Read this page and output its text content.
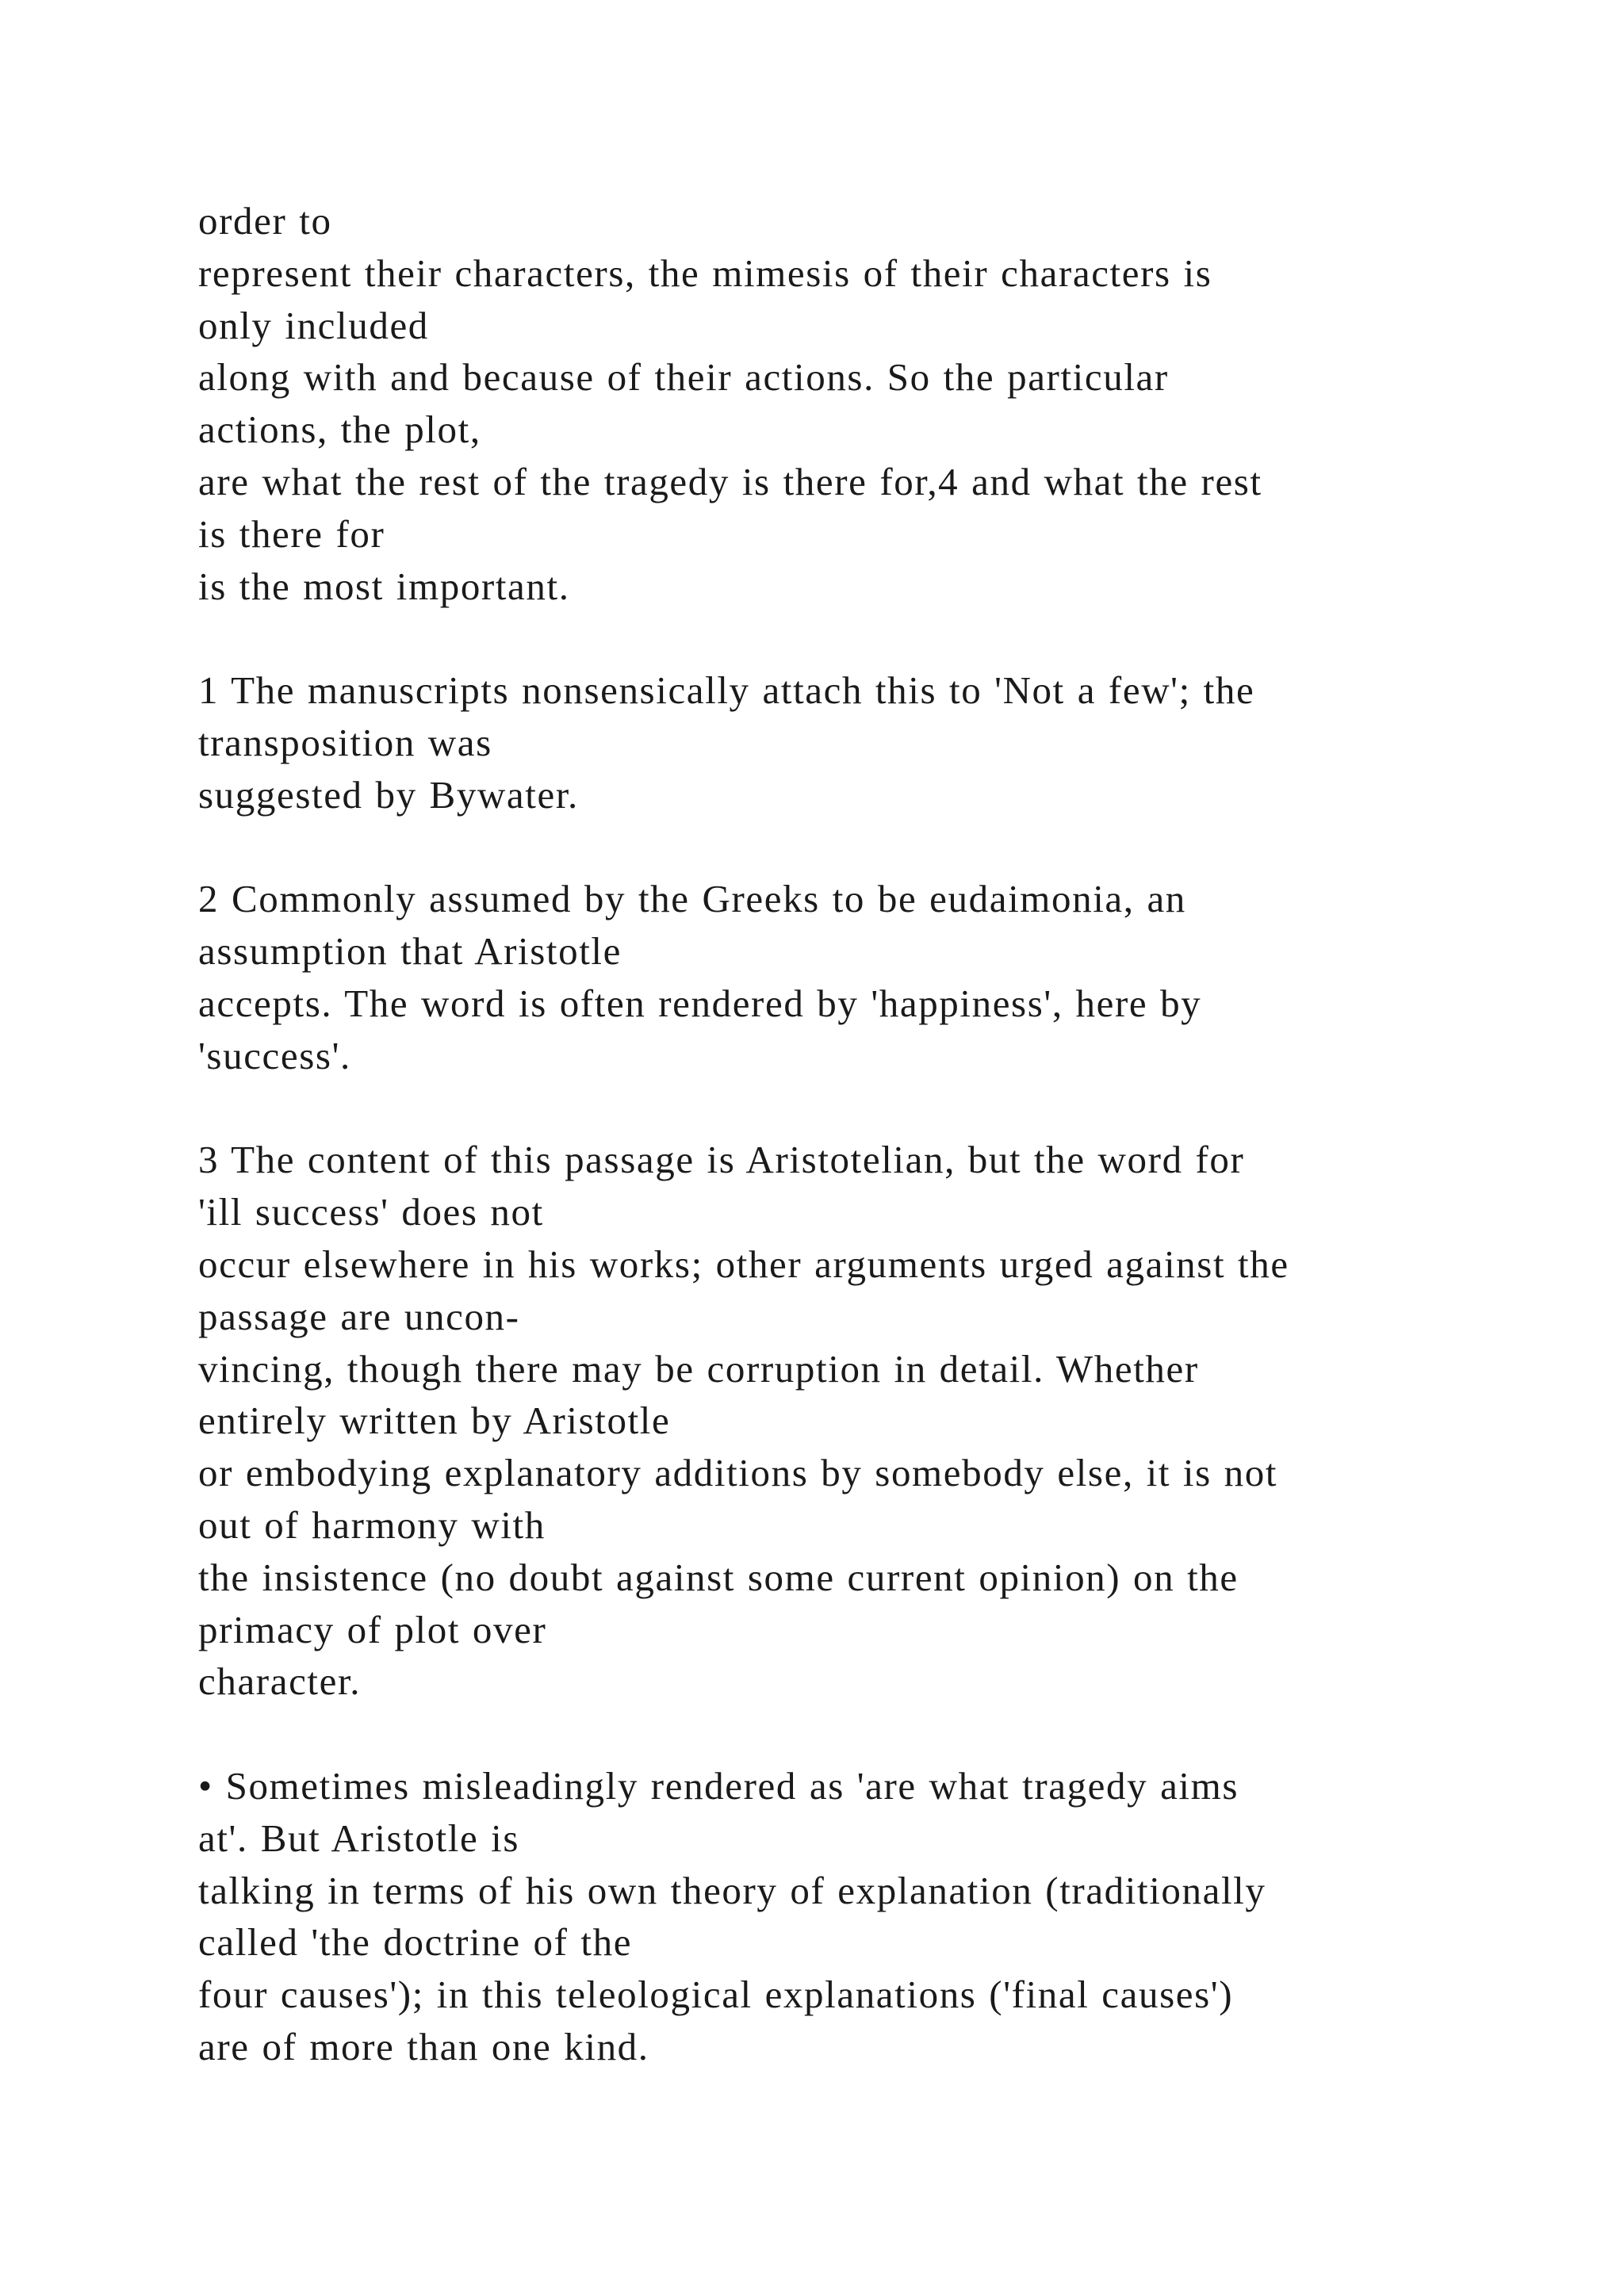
order to
represent their characters, the mimesis of their characters is
only included
along with and because of their actions. So the particular
actions, the plot,
are what the rest of the tragedy is there for,4 and what the rest
is there for
is the most important.
1 The manuscripts nonsensically attach this to 'Not a few'; the
transposition was
suggested by Bywater.
2 Commonly assumed by the Greeks to be eudaimonia, an
assumption that Aristotle
accepts. The word is often rendered by 'happiness', here by
'success'.
3 The content of this passage is Aristotelian, but the word for
'ill success' does not
occur elsewhere in his works; other arguments urged against the
passage are uncon-
vincing, though there may be corruption in detail. Whether
entirely written by Aristotle
or embodying explanatory additions by somebody else, it is not
out of harmony with
the insistence (no doubt against some current opinion) on the
primacy of plot over
character.
• Sometimes misleadingly rendered as 'are what tragedy aims
at'. But Aristotle is
talking in terms of his own theory of explanation (traditionally
called 'the doctrine of the
four causes'); in this teleological explanations ('final causes')
are of more than one kind.
